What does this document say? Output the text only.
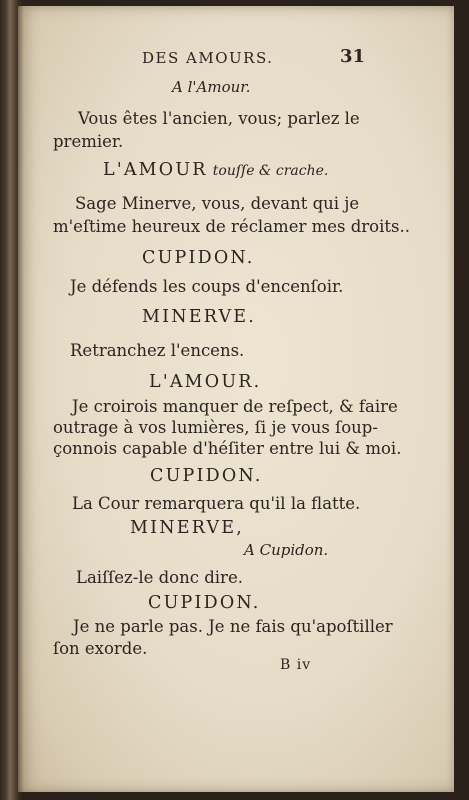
DES AMOURS.	31
A l'Amour.
Vous êtes l'ancien, vous; parlez le
premier.
L'AMOUR touſſe & crache.
Sage Minerve, vous, devant qui je
m'eſtime heureux de réclamer mes droits..
CUPIDON.
Je défends les coups d'encenſoir.
MINERVE.
Retranchez l'encens.
L'AMOUR.
Je croirois manquer de reſpect, & faire
outrage à vos lumières, ſi je vous ſoup-
çonnois capable d'héſiter entre lui & moi.
CUPIDON.
La Cour remarquera qu'il la flatte.
MINERVE,
A Cupidon.
Laiſſez-le donc dire.
CUPIDON.
Je ne parle pas. Je ne fais qu'apoſtiller
ſon exorde.
B iv
